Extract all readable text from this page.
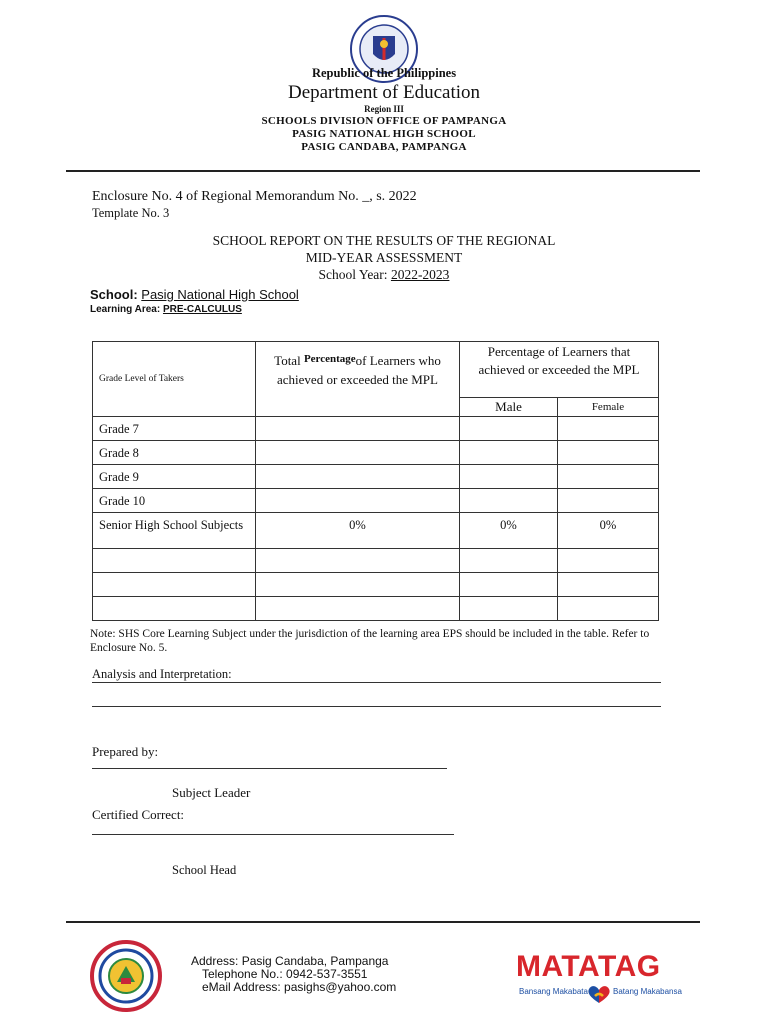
Republic of the Philippines
Department of Education
Region III
SCHOOLS DIVISION OFFICE OF PAMPANGA
PASIG NATIONAL HIGH SCHOOL
PASIG CANDABA, PAMPANGA
Enclosure No. 4 of Regional Memorandum No. _, s. 2022
Template No. 3
SCHOOL REPORT ON THE RESULTS OF THE REGIONAL
MID-YEAR ASSESSMENT
School Year: 2022-2023
School: Pasig National High School
Learning Area: PRE-CALCULUS
Grade Level of Takers	Total $^{Percentage}$of Learners who achieved or exceeded the MPL	Percentage of Learners that achieved or exceeded the MPL	
		Male	Female
Grade 7			
Grade 8			
Grade 9			
Grade 10			
Senior High School Subjects	0%	0%	0%

Note: SHS Core Learning Subject under the jurisdiction of the learning area EPS should be included in the table. Refer to Enclosure No. 5.
Analysis and Interpretation:
Prepared by:
Subject Leader
Certified Correct:
School Head
Address: Pasig Candaba, Pampanga
Telephone No.: 0942-537-3551
eMail Address: pasighs@yahoo.com
MATATAG
Bansang Makabata	Batang Makabansa
